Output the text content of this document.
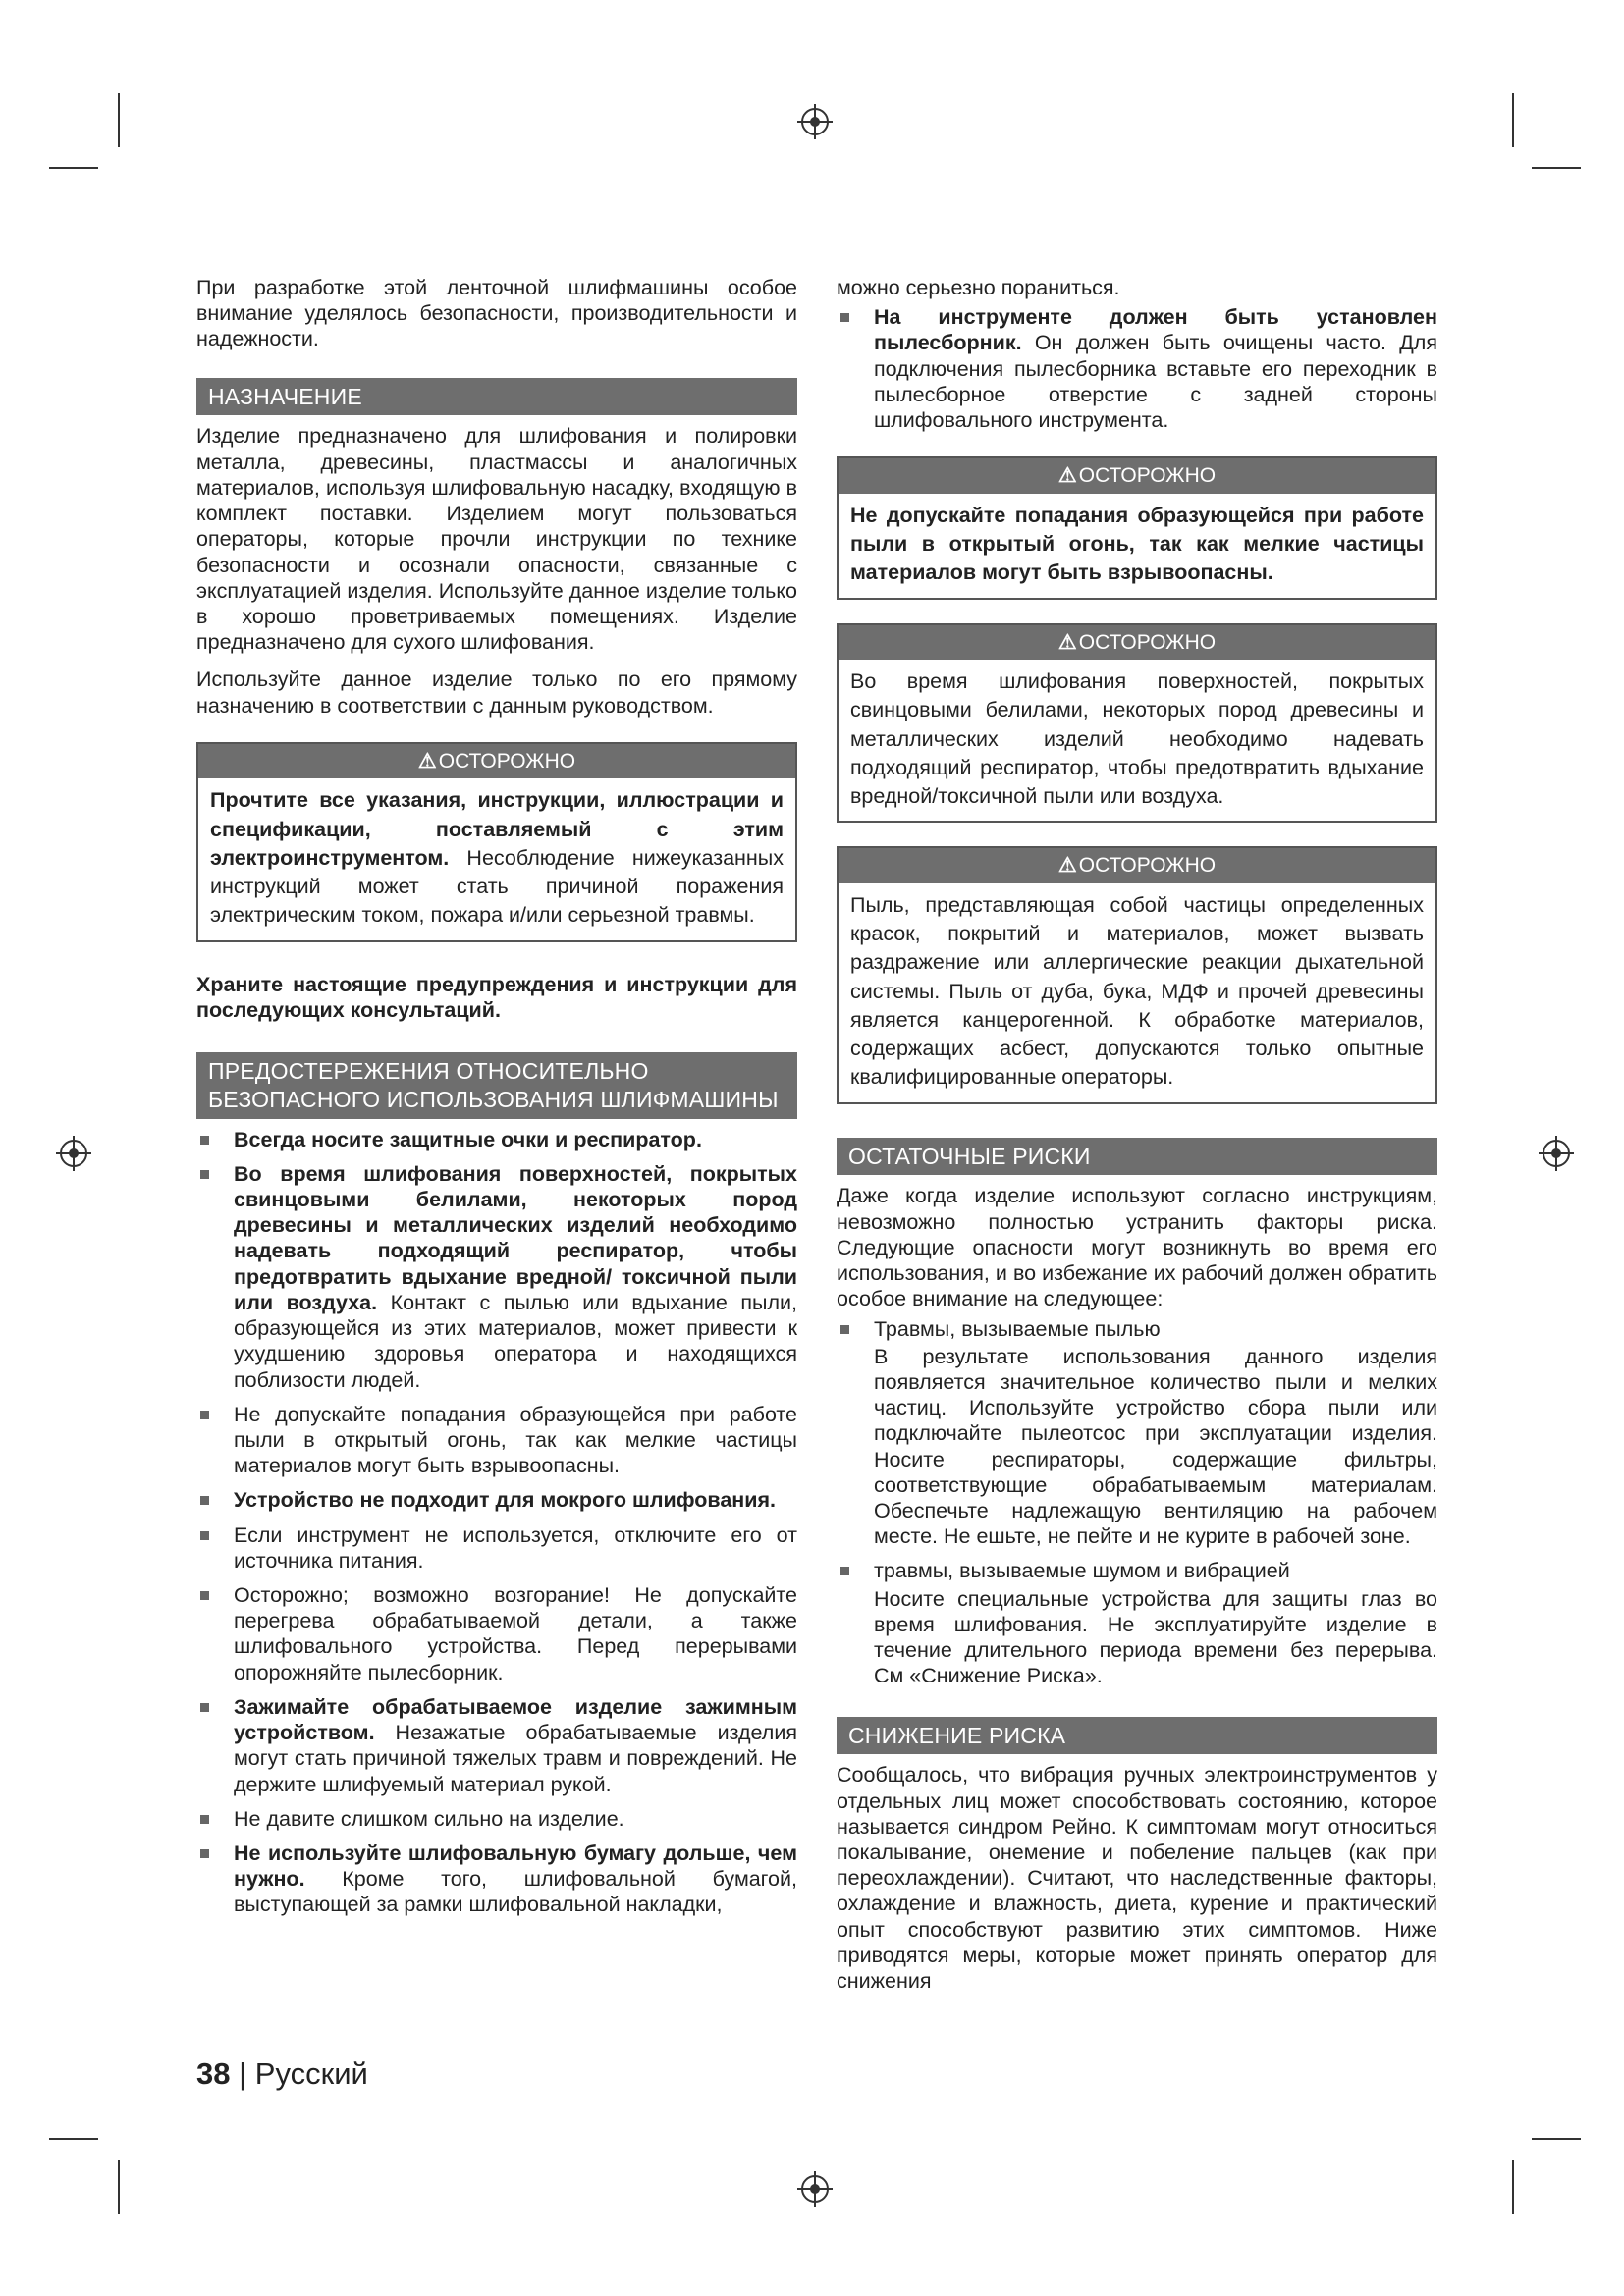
При разработке этой ленточной шлифмашины особое внимание уделялось безопасности, производительности и надежности.

НАЗНАЧЕНИЕ

Изделие предназначено для шлифования и полировки металла, древесины, пластмассы и аналогичных материалов, используя шлифовальную насадку, входящую в комплект поставки. Изделием могут пользоваться операторы, которые прочли инструкции по технике безопасности и осознали опасности, связанные с эксплуатацией изделия. Используйте данное изделие только в хорошо проветриваемых помещениях. Изделие предназначено для сухого шлифования.

Используйте данное изделие только по его прямому назначению в соответствии с данным руководством.

⚠ОСТОРОЖНО
Прочтите все указания, инструкции, иллюстрации и спецификации, поставляемый с этим электроинструментом. Несоблюдение нижеуказанных инструкций может стать причиной поражения электрическим током, пожара и/или серьезной травмы.

Храните настоящие предупреждения и инструкции для последующих консультаций.

ПРЕДОСТЕРЕЖЕНИЯ ОТНОСИТЕЛЬНО БЕЗОПАСНОГО ИСПОЛЬЗОВАНИЯ ШЛИФМАШИНЫ
Всегда носите защитные очки и респиратор.
Во время шлифования поверхностей, покрытых свинцовыми белилами, некоторых пород древесины и металлических изделий необходимо надевать подходящий респиратор, чтобы предотвратить вдыхание вредной/ токсичной пыли или воздуха. Контакт с пылью или вдыхание пыли, образующейся из этих материалов, может привести к ухудшению здоровья оператора и находящихся поблизости людей.
Не допускайте попадания образующейся при работе пыли в открытый огонь, так как мелкие частицы материалов могут быть взрывоопасны.
Устройство не подходит для мокрого шлифования.
Если инструмент не используется, отключите его от источника питания.
Осторожно; возможно возгорание! Не допускайте перегрева обрабатываемой детали, а также шлифовального устройства. Перед перерывами опорожняйте пылесборник.
Зажимайте обрабатываемое изделие зажимным устройством. Незажатые обрабатываемые изделия могут стать причиной тяжелых травм и повреждений. Не держите шлифуемый материал рукой.
Не давите слишком сильно на изделие.
Не используйте шлифовальную бумагу дольше, чем нужно. Кроме того, шлифовальной бумагой, выступающей за рамки шлифовальной накладки,

можно серьезно пораниться.

На инструменте должен быть установлен пылесборник. Он должен быть очищены часто. Для подключения пылесборника вставьте его переходник в пылесборное отверстие с задней стороны шлифовального инструмента.
⚠ОСТОРОЖНО
Не допускайте попадания образующейся при работе пыли в открытый огонь, так как мелкие частицы материалов могут быть взрывоопасны.
⚠ОСТОРОЖНО
Во время шлифования поверхностей, покрытых свинцовыми белилами, некоторых пород древесины и металлических изделий необходимо надевать подходящий респиратор, чтобы предотвратить вдыхание вредной/токсичной пыли или воздуха.
⚠ОСТОРОЖНО
Пыль, представляющая собой частицы определенных красок, покрытий и материалов, может вызвать раздражение или аллергические реакции дыхательной системы. Пыль от дуба, бука, МДФ и прочей древесины является канцерогенной. К обработке материалов, содержащих асбест, допускаются только опытные квалифицированные операторы.
ОСТАТОЧНЫЕ РИСКИ

Даже когда изделие используют согласно инструкциям, невозможно полностью устранить факторы риска. Следующие опасности могут возникнуть во время его использования, и во избежание их рабочий должен обратить особое внимание на следующее:

Травмы, вызываемые пылью
В результате использования данного изделия появляется значительное количество пыли и мелких частиц. Используйте устройство сбора пыли или подключайте пылеотсос при эксплуатации изделия. Носите респираторы, содержащие фильтры, соответствующие обрабатываемым материалам. Обеспечьте надлежащую вентиляцию на рабочем месте. Не ешьте, не пейте и не курите в рабочей зоне.
травмы, вызываемые шумом и вибрацией
Носите специальные устройства для защиты глаз во время шлифования. Не эксплуатируйте изделие в течение длительного периода времени без перерыва. См «Снижение Риска».
СНИЖЕНИЕ РИСКА

Сообщалось, что вибрация ручных электроинструментов у отдельных лиц может способствовать состоянию, которое называется синдром Рейно. К симптомам могут относиться покалывание, онемение и побеление пальцев (как при переохлаждении). Считают, что наследственные факторы, охлаждение и влажность, диета, курение и практический опыт способствуют развитию этих симптомов. Ниже приводятся меры, которые может принять оператор для снижения

38 | Русский
